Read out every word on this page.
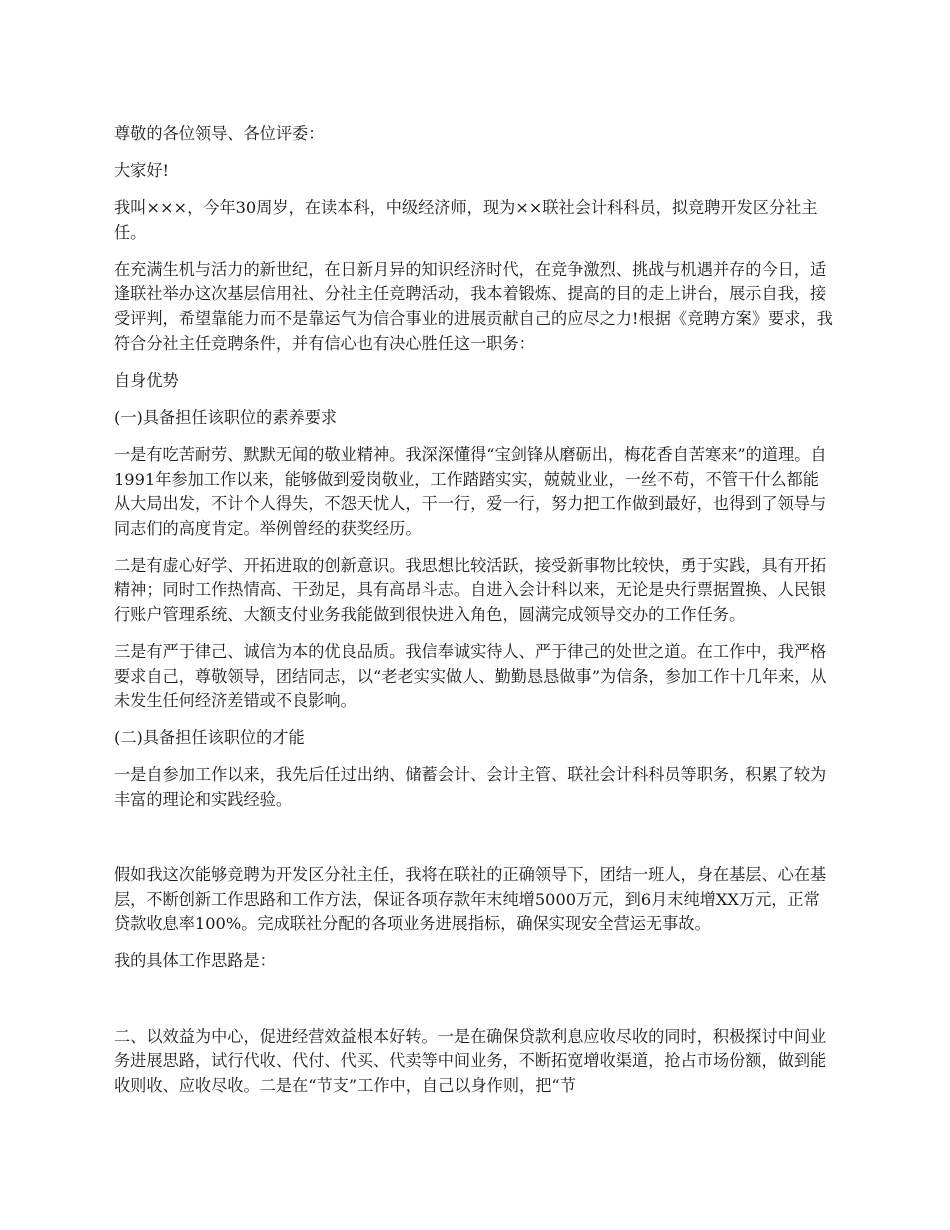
尊敬的各位领导、各位评委：

大家好!

我叫×××，今年30周岁，在读本科，中级经济师，现为××联社会计科科员，拟竞聘开发区分社主任。

在充满生机与活力的新世纪，在日新月异的知识经济时代，在竞争激烈、挑战与机遇并存的今日，适逢联社举办这次基层信用社、分社主任竞聘活动，我本着锻炼、提高的目的走上讲台，展示自我，接受评判，希望靠能力而不是靠运气为信合事业的进展贡献自己的应尽之力!根据《竞聘方案》要求，我符合分社主任竞聘条件，并有信心也有决心胜任这一职务：

自身优势

(一)具备担任该职位的素养要求

一是有吃苦耐劳、默默无闻的敬业精神。我深深懂得“宝剑锋从磨砺出，梅花香自苦寒来”的道理。自1991年参加工作以来，能够做到爱岗敬业，工作踏踏实实，兢兢业业，一丝不苟，不管干什么都能从大局出发，不计个人得失，不怨天忧人，干一行，爱一行，努力把工作做到最好，也得到了领导与同志们的高度肯定。举例曾经的获奖经历。

二是有虚心好学、开拓进取的创新意识。我思想比较活跃，接受新事物比较快，勇于实践，具有开拓精神；同时工作热情高、干劲足，具有高昂斗志。自进入会计科以来，无论是央行票据置换、人民银行账户管理系统、大额支付业务我能做到很快进入角色，圆满完成领导交办的工作任务。

三是有严于律己、诚信为本的优良品质。我信奉诚实待人、严于律己的处世之道。在工作中，我严格要求自己，尊敬领导，团结同志，以“老老实实做人、勤勤恳恳做事”为信条，参加工作十几年来，从未发生任何经济差错或不良影响。

(二)具备担任该职位的才能

一是自参加工作以来，我先后任过出纳、储蓄会计、会计主管、联社会计科科员等职务，积累了较为丰富的理论和实践经验。

假如我这次能够竞聘为开发区分社主任，我将在联社的正确领导下，团结一班人，身在基层、心在基层，不断创新工作思路和工作方法，保证各项存款年末纯增5000万元，到6月末纯增XX万元，正常贷款收息率100%。完成联社分配的各项业务进展指标，确保实现安全营运无事故。

我的具体工作思路是：

二、以效益为中心，促进经营效益根本好转。一是在确保贷款利息应收尽收的同时，积极探讨中间业务进展思路，试行代收、代付、代买、代卖等中间业务，不断拓宽增收渠道，抢占市场份额，做到能收则收、应收尽收。二是在“节支”工作中，自己以身作则，把“节
